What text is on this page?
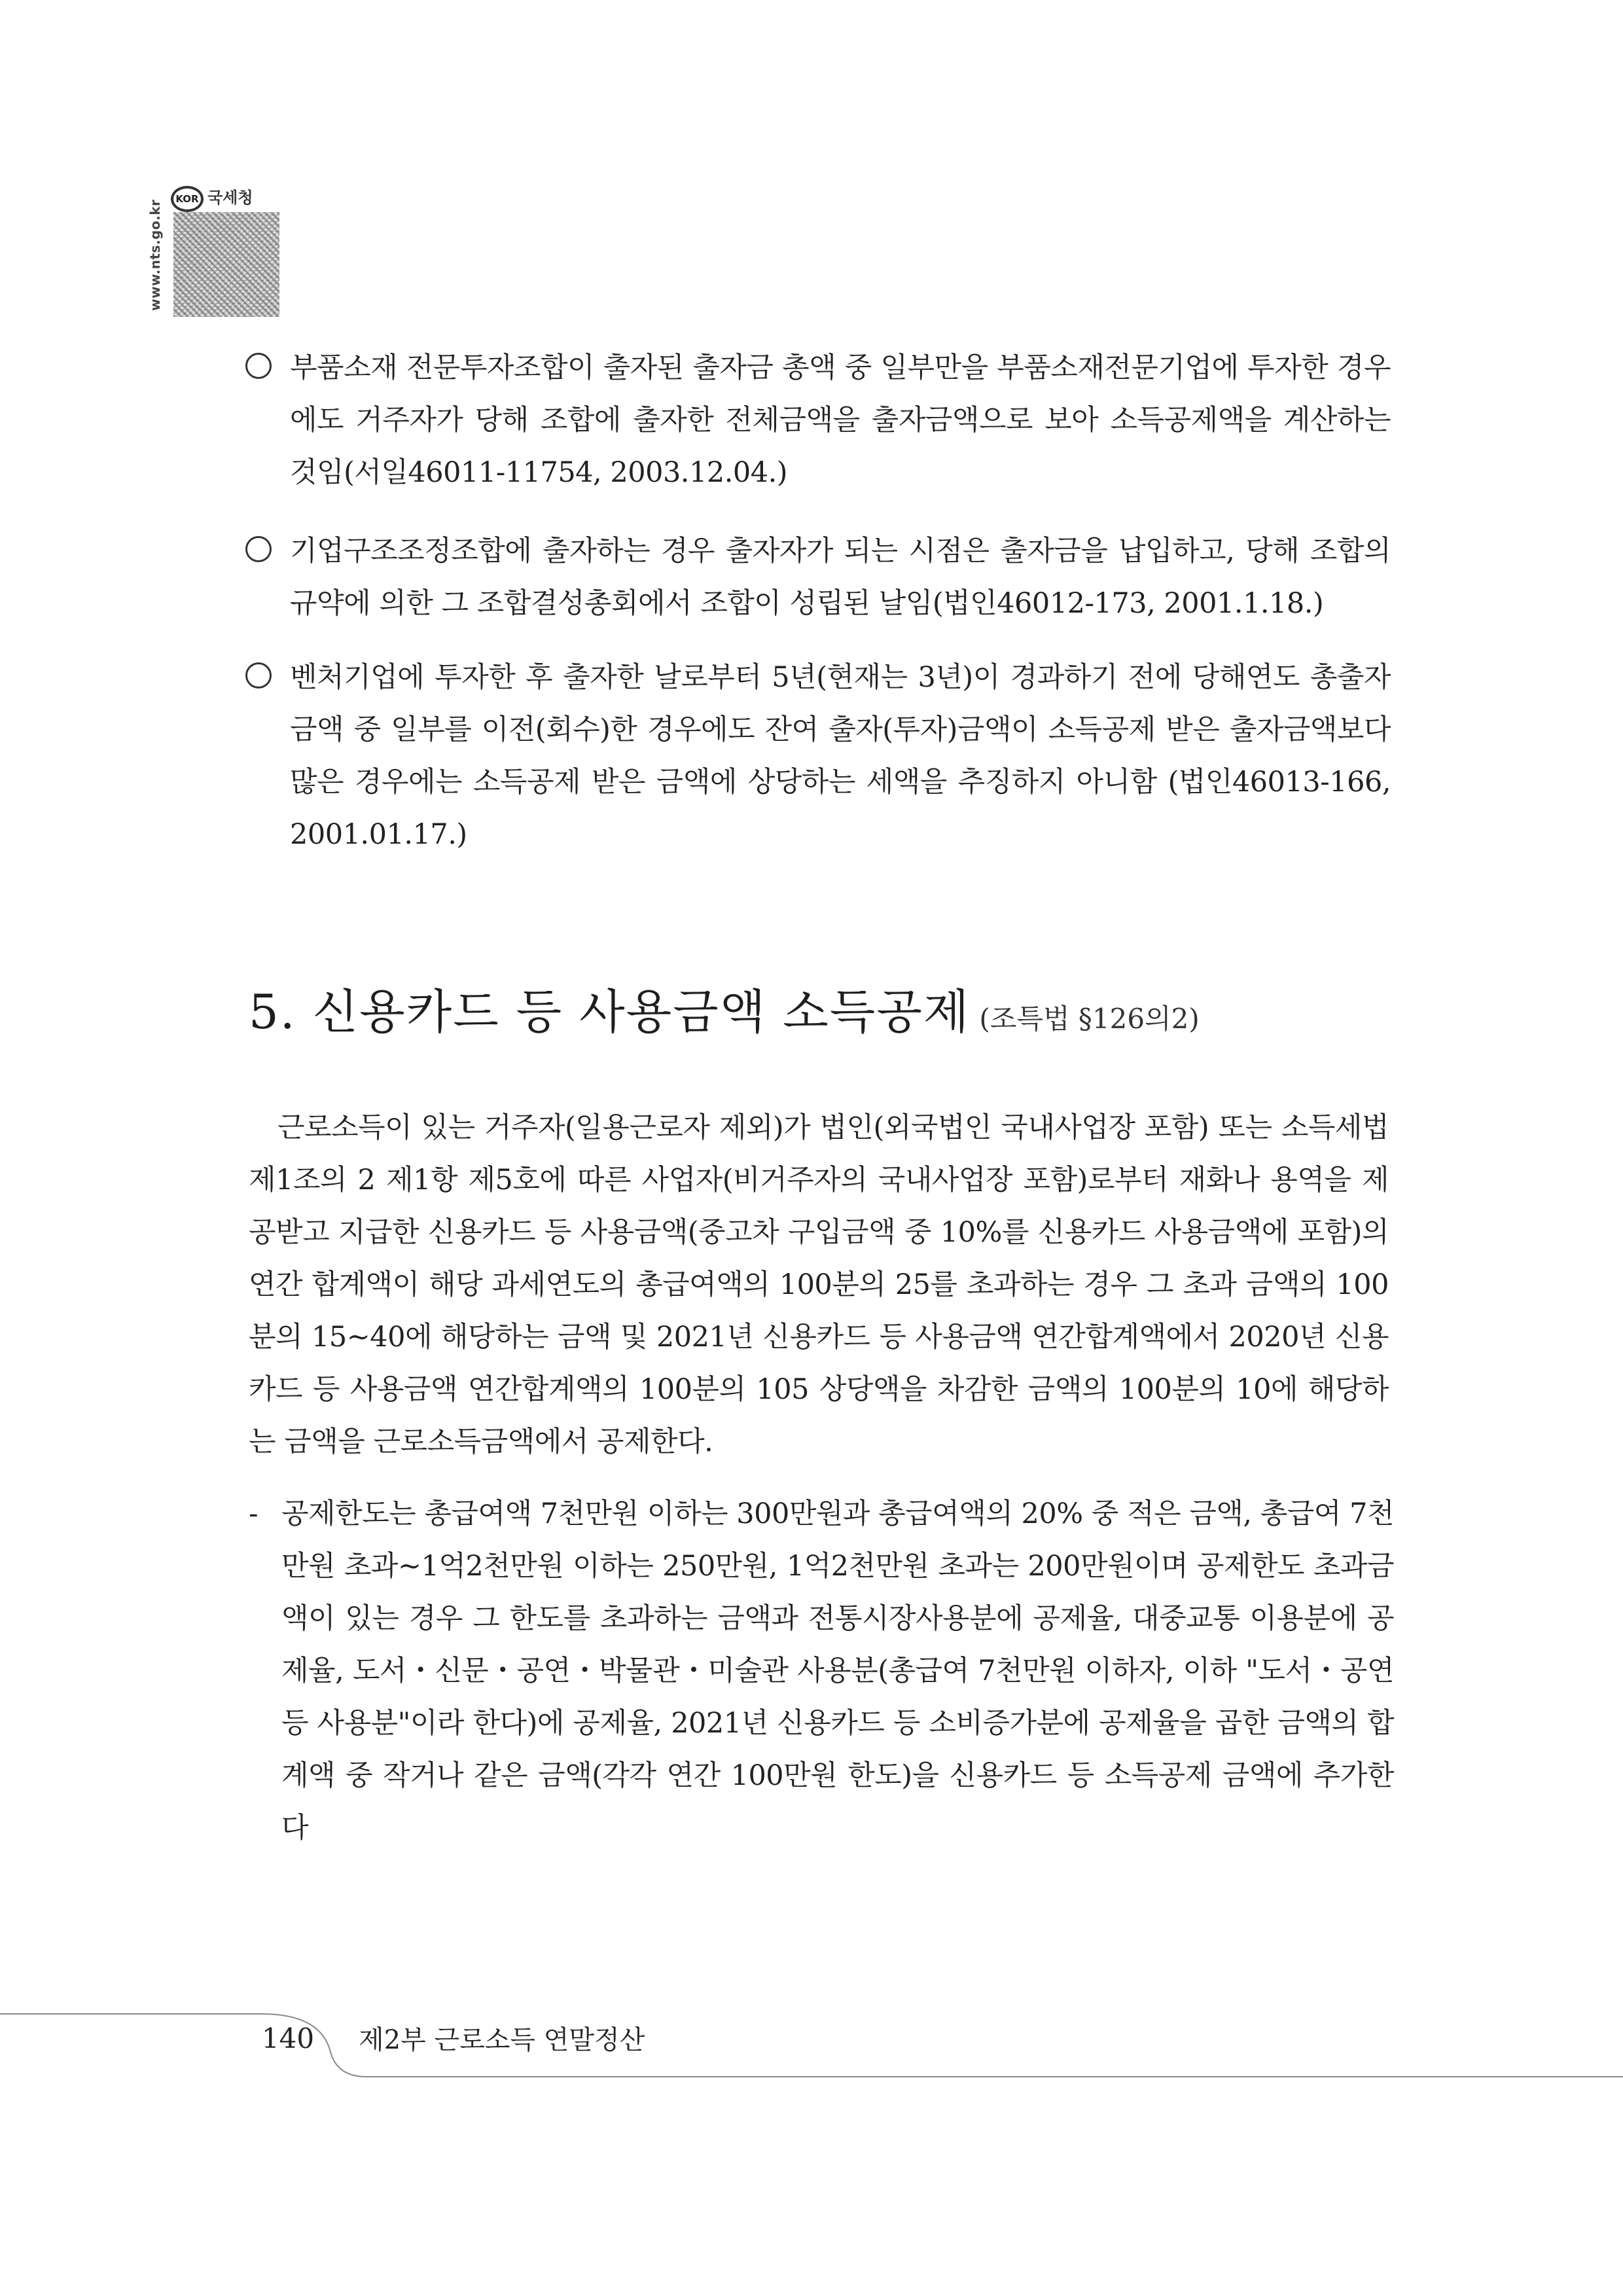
www.nts.go.kr
KOR 국세청
부품소재 전문투자조합이 출자된 출자금 총액 중 일부만을 부품소재전문기업에 투자한 경우에도 거주자가 당해 조합에 출자한 전체금액을 출자금액으로 보아 소득공제액을 계산하는 것임(서일46011-11754, 2003.12.04.)
기업구조조정조합에 출자하는 경우 출자자가 되는 시점은 출자금을 납입하고, 당해 조합의 규약에 의한 그 조합결성총회에서 조합이 성립된 날임(법인46012-173, 2001.1.18.)
벤처기업에 투자한 후 출자한 날로부터 5년(현재는 3년)이 경과하기 전에 당해연도 총출자금액 중 일부를 이전(회수)한 경우에도 잔여 출자(투자)금액이 소득공제 받은 출자금액보다 많은 경우에는 소득공제 받은 금액에 상당하는 세액을 추징하지 아니함 (법인46013-166, 2001.01.17.)
5. 신용카드 등 사용금액 소득공제 (조특법 §126의2)
근로소득이 있는 거주자(일용근로자 제외)가 법인(외국법인 국내사업장 포함) 또는 소득세법 제1조의 2 제1항 제5호에 따른 사업자(비거주자의 국내사업장 포함)로부터 재화나 용역을 제공받고 지급한 신용카드 등 사용금액(중고차 구입금액 중 10%를 신용카드 사용금액에 포함)의 연간 합계액이 해당 과세연도의 총급여액의 100분의 25를 초과하는 경우 그 초과 금액의 100분의 15~40에 해당하는 금액 및 2021년 신용카드 등 사용금액 연간합계액에서 2020년 신용카드 등 사용금액 연간합계액의 100분의 105 상당액을 차감한 금액의 100분의 10에 해당하는 금액을 근로소득금액에서 공제한다.
- 공제한도는 총급여액 7천만원 이하는 300만원과 총급여액의 20% 중 적은 금액, 총급여 7천만원 초과~1억2천만원 이하는 250만원, 1억2천만원 초과는 200만원이며 공제한도 초과금액이 있는 경우 그 한도를 초과하는 금액과 전통시장사용분에 공제율, 대중교통 이용분에 공제율, 도서・신문・공연・박물관・미술관 사용분(총급여 7천만원 이하자, 이하 "도서・공연등 사용분"이라 한다)에 공제율, 2021년 신용카드 등 소비증가분에 공제율을 곱한 금액의 합계액 중 작거나 같은 금액(각각 연간 100만원 한도)을 신용카드 등 소득공제 금액에 추가한다
140 제2부 근로소득 연말정산
